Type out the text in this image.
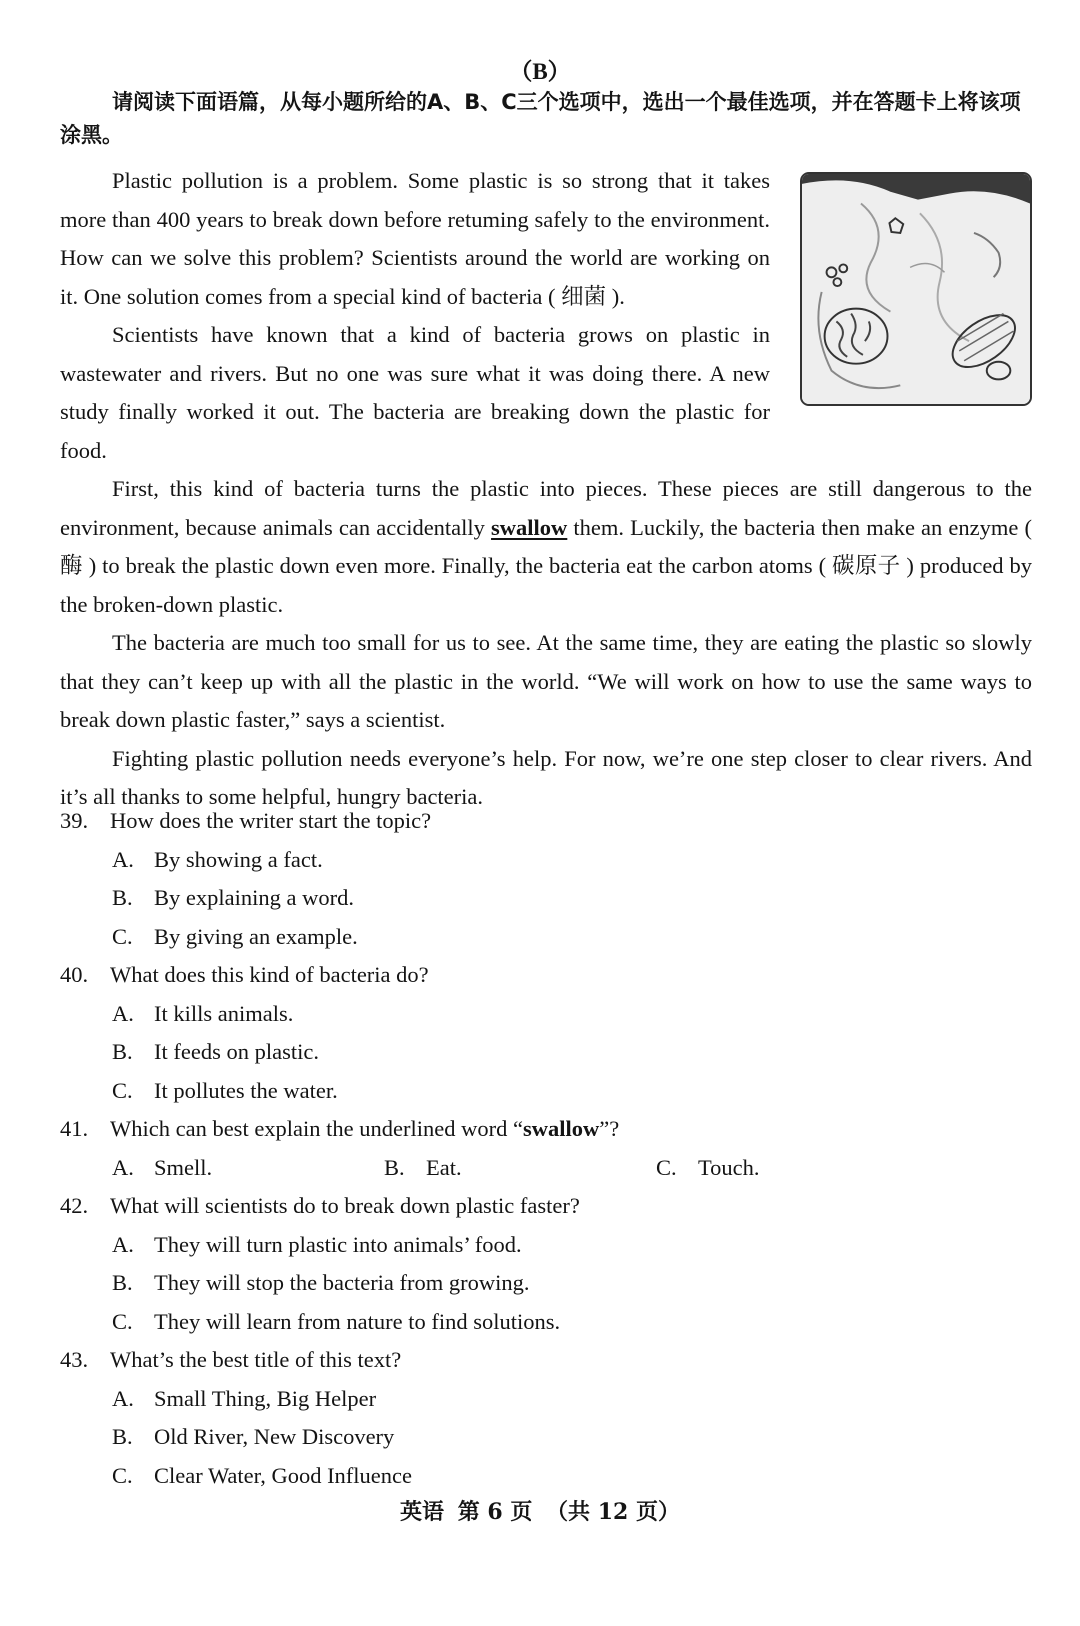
（B）
请阅读下面语篇，从每小题所给的A、B、C三个选项中，选出一个最佳选项，并在答题卡上将该项涂黑。

Plastic pollution is a problem. Some plastic is so strong that it takes more than 400 years to break down before retuming safely to the environment. How can we solve this problem? Scientists around the world are working on it. One solution comes from a special kind of bacteria ( 细菌 ).

Scientists have known that a kind of bacteria grows on plastic in wastewater and rivers. But no one was sure what it was doing there. A new study finally worked it out. The bacteria are breaking down the plastic for food.

First, this kind of bacteria turns the plastic into pieces. These pieces are still dangerous to the environment, because animals can accidentally swallow them. Luckily, the bacteria then make an enzyme ( 酶 ) to break the plastic down even more. Finally, the bacteria eat the carbon atoms ( 碳原子 ) produced by the broken-down plastic.

The bacteria are much too small for us to see. At the same time, they are eating the plastic so slowly that they can’t keep up with all the plastic in the world. “We will work on how to use the same ways to break down plastic faster,” says a scientist.

Fighting plastic pollution needs everyone’s help. For now, we’re one step closer to clear rivers. And it’s all thanks to some helpful, hungry bacteria.

39. How does the writer start the topic?
A. By showing a fact.
B. By explaining a word.
C. By giving an example.
40. What does this kind of bacteria do?
A. It kills animals.
B. It feeds on plastic.
C. It pollutes the water.
41. Which can best explain the underlined word “swallow”?
A. Smell.	B. Eat.	C. Touch.
42. What will scientists do to break down plastic faster?
A. They will turn plastic into animals’ food.
B. They will stop the bacteria from growing.
C. They will learn from nature to find solutions.
43. What’s the best title of this text?
A. Small Thing, Big Helper
B. Old River, New Discovery
C. Clear Water, Good Influence
英语 第 6 页 （共 12 页）
